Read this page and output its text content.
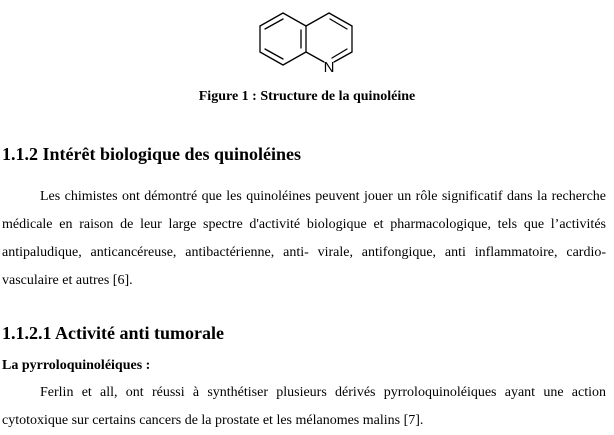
N
Figure 1 : Structure de la quinoléine
1.1.2 Intérêt biologique des quinoléines

Les chimistes ont démontré que les quinoléines peuvent jouer un rôle significatif dans la recherche médicale en raison de leur large spectre d'activité biologique et pharmacologique, tels que l’activités antipaludique, anticancéreuse, antibactérienne, anti- virale, antifongique, anti inflammatoire, cardio-vasculaire et autres [6].

1.1.2.1 Activité anti tumorale
La pyrroloquinoléiques :

Ferlin et all, ont réussi à synthétiser plusieurs dérivés pyrroloquinoléiques ayant une action cytotoxique sur certains cancers de la prostate et les mélanomes malins [7].
